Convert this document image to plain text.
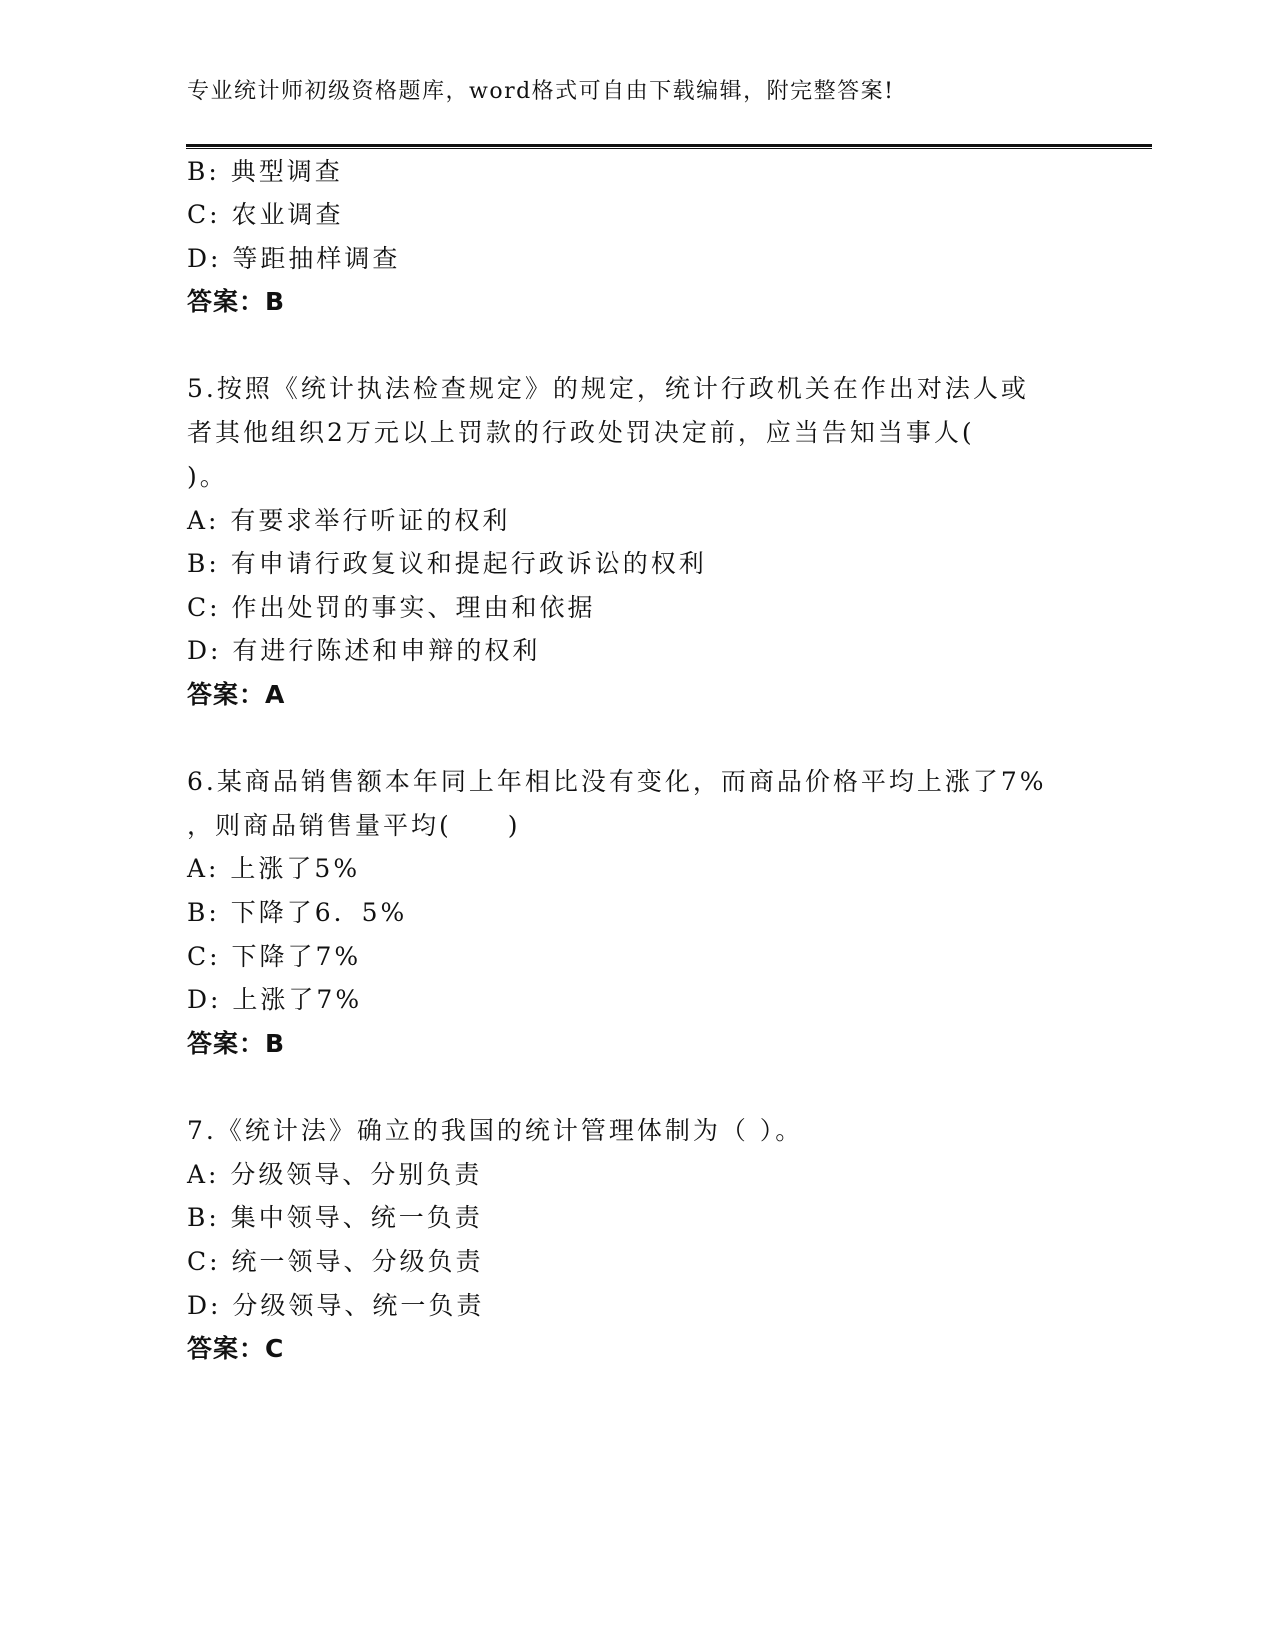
专业统计师初级资格题库，word格式可自由下载编辑，附完整答案!
B: 典型调查
C: 农业调查
D: 等距抽样调查
答案：B
5.按照《统计执法检查规定》的规定，统计行政机关在作出对法人或
者其他组织2万元以上罚款的行政处罚决定前，应当告知当事人(
)。
A: 有要求举行听证的权利
B: 有申请行政复议和提起行政诉讼的权利
C: 作出处罚的事实、理由和依据
D: 有进行陈述和申辩的权利
答案：A
6.某商品销售额本年同上年相比没有变化，而商品价格平均上涨了7%
，则商品销售量平均(　　)
A: 上涨了5%
B: 下降了6．5%
C: 下降了7%
D: 上涨了7%
答案：B
7.《统计法》确立的我国的统计管理体制为（ ）。
A: 分级领导、分别负责
B: 集中领导、统一负责
C: 统一领导、分级负责
D: 分级领导、统一负责
答案：C
